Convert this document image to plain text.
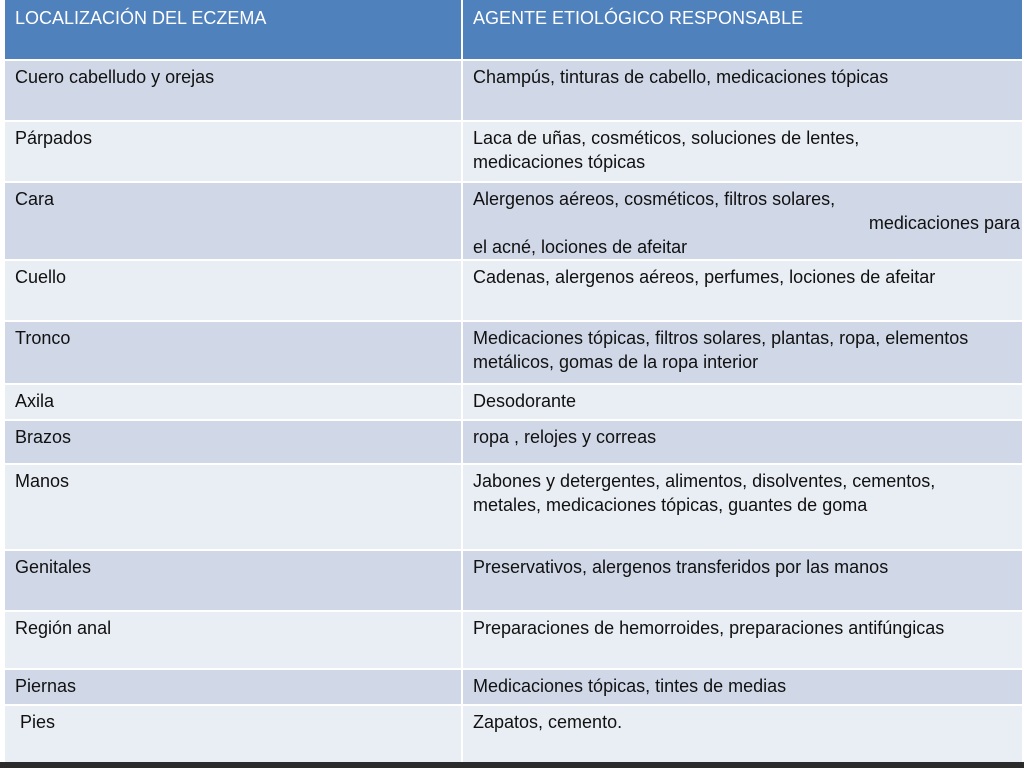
LOCALIZACIÓN DEL ECZEMA	AGENTE ETIOLÓGICO RESPONSABLE
Cuero cabelludo y orejas	Champús, tinturas de cabello, medicaciones tópicas
Párpados	Laca de uñas, cosméticos, soluciones de lentes,
medicaciones tópicas
Cara	Alergenos aéreos, cosméticos, filtros solares,
medicaciones para
el acné, lociones de afeitar
Cuello	Cadenas, alergenos aéreos, perfumes, lociones de afeitar
Tronco	Medicaciones tópicas, filtros solares, plantas, ropa, elementos
metálicos, gomas de la ropa interior
Axila	Desodorante
Brazos	ropa , relojes y correas
Manos	Jabones y detergentes, alimentos, disolventes, cementos,
metales, medicaciones tópicas, guantes de goma
Genitales	Preservativos, alergenos transferidos por las manos
Región anal	Preparaciones de hemorroides, preparaciones antifúngicas
Piernas	Medicaciones tópicas, tintes de medias
Pies	Zapatos, cemento.
